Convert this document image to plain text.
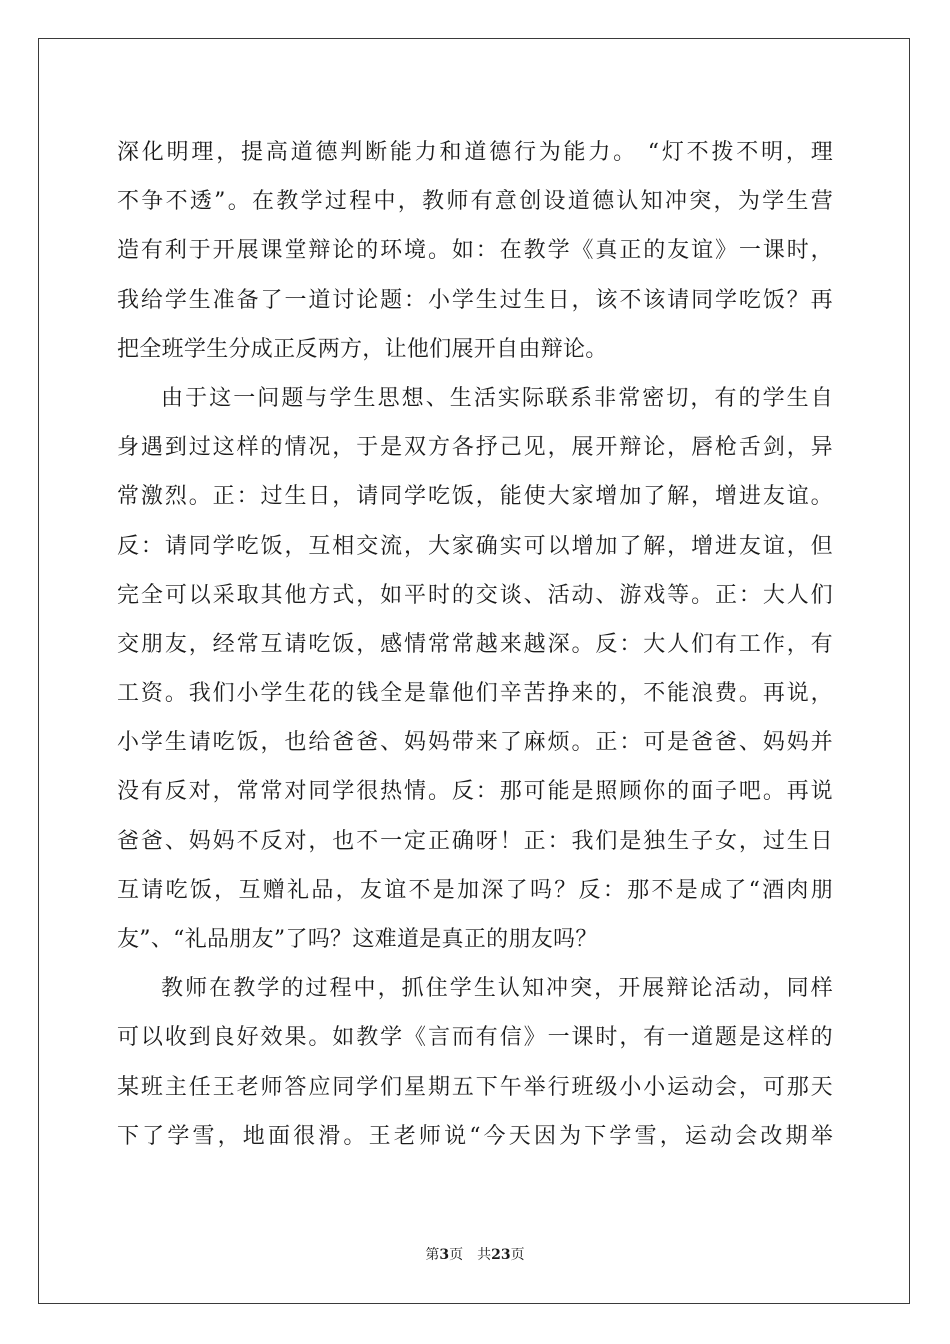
深化明理，提高道德判断能力和道德行为能力。 “灯不拨不明，理
不争不透”。在教学过程中，教师有意创设道德认知冲突，为学生营
造有利于开展课堂辩论的环境。如：在教学《真正的友谊》一课时，
我给学生准备了一道讨论题：小学生过生日，该不该请同学吃饭？再
把全班学生分成正反两方，让他们展开自由辩论。
由于这一问题与学生思想、生活实际联系非常密切，有的学生自
身遇到过这样的情况，于是双方各抒己见，展开辩论，唇枪舌剑，异
常激烈。正：过生日，请同学吃饭，能使大家增加了解，增进友谊。
反：请同学吃饭，互相交流，大家确实可以增加了解，增进友谊，但
完全可以采取其他方式，如平时的交谈、活动、游戏等。正：大人们
交朋友，经常互请吃饭，感情常常越来越深。反：大人们有工作，有
工资。我们小学生花的钱全是靠他们辛苦挣来的，不能浪费。再说，
小学生请吃饭，也给爸爸、妈妈带来了麻烦。正：可是爸爸、妈妈并
没有反对，常常对同学很热情。反：那可能是照顾你的面子吧。再说
爸爸、妈妈不反对，也不一定正确呀！正：我们是独生子女，过生日
互请吃饭，互赠礼品，友谊不是加深了吗？反：那不是成了“酒肉朋
友”、“礼品朋友”了吗？这难道是真正的朋友吗？
教师在教学的过程中，抓住学生认知冲突，开展辩论活动，同样
可以收到良好效果。如教学《言而有信》一课时，有一道题是这样的
某班主任王老师答应同学们星期五下午举行班级小小运动会，可那天
下了学雪，地面很滑。王老师说“今天因为下学雪，运动会改期举
第3页 共23页
